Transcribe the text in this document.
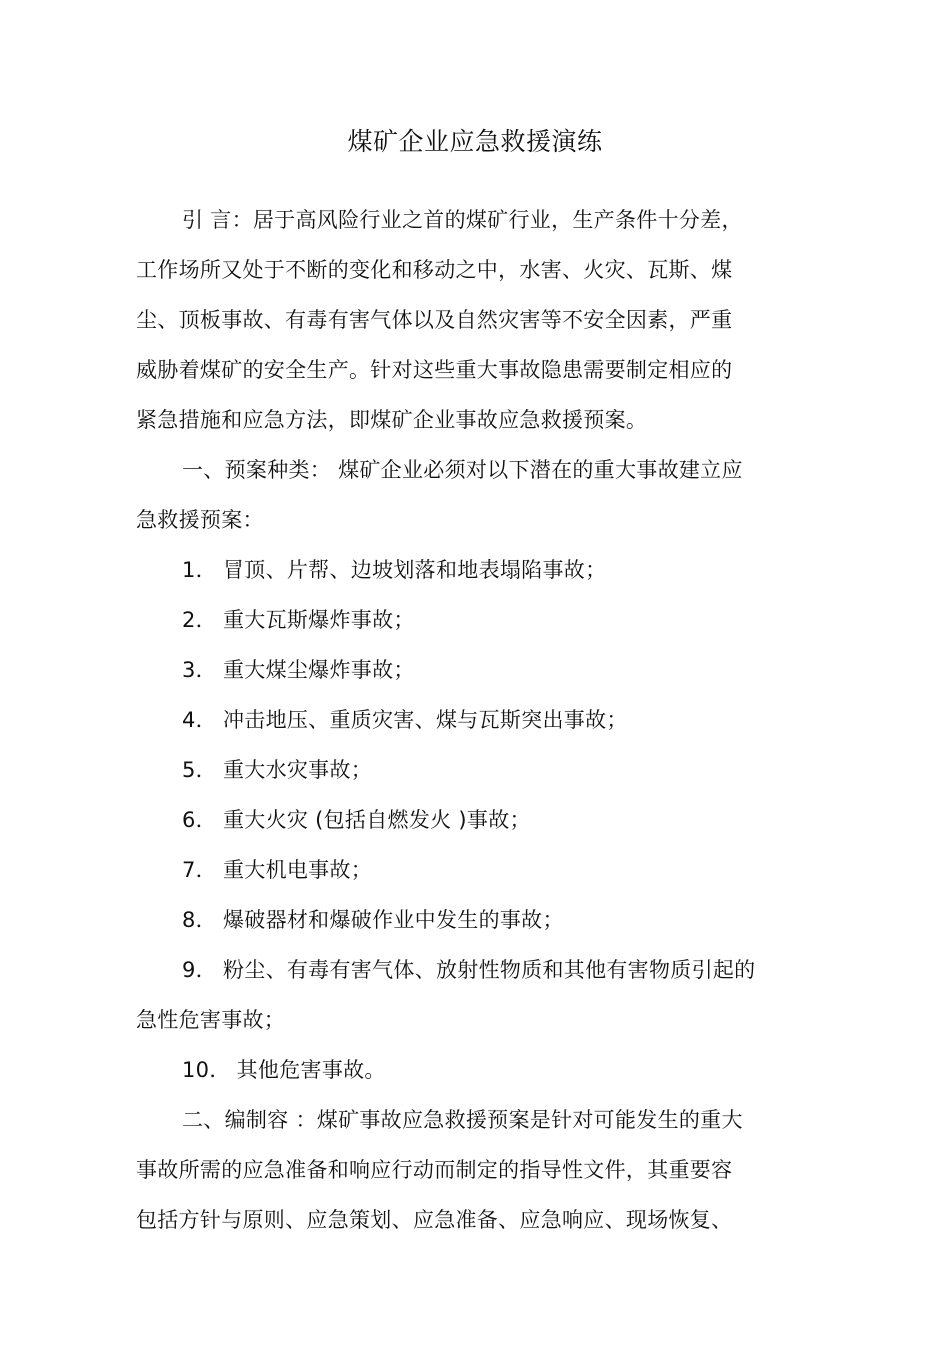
煤矿企业应急救援演练

引 言：居于高风险行业之首的煤矿行业，生产条件十分差，
工作场所又处于不断的变化和移动之中，水害、火灾、瓦斯、煤
尘、顶板事故、有毒有害气体以及自然灾害等不安全因素，严重
威胁着煤矿的安全生产。针对这些重大事故隐患需要制定相应的
紧急措施和应急方法，即煤矿企业事故应急救援预案。

一、预案种类： 煤矿企业必须对以下潜在的重大事故建立应
急救援预案：

1． 冒顶、片帮、边坡划落和地表塌陷事故；
2． 重大瓦斯爆炸事故；
3． 重大煤尘爆炸事故；
4． 冲击地压、重质灾害、煤与瓦斯突出事故；
5． 重大水灾事故；
6． 重大火灾 (包括自燃发火 )事故；
7． 重大机电事故；
8． 爆破器材和爆破作业中发生的事故；
9． 粉尘、有毒有害气体、放射性物质和其他有害物质引起的
急性危害事故；
10． 其他危害事故。

二、编制容 ：煤矿事故应急救援预案是针对可能发生的重大
事故所需的应急准备和响应行动而制定的指导性文件，其重要容
包括方针与原则、应急策划、应急准备、应急响应、现场恢复、
